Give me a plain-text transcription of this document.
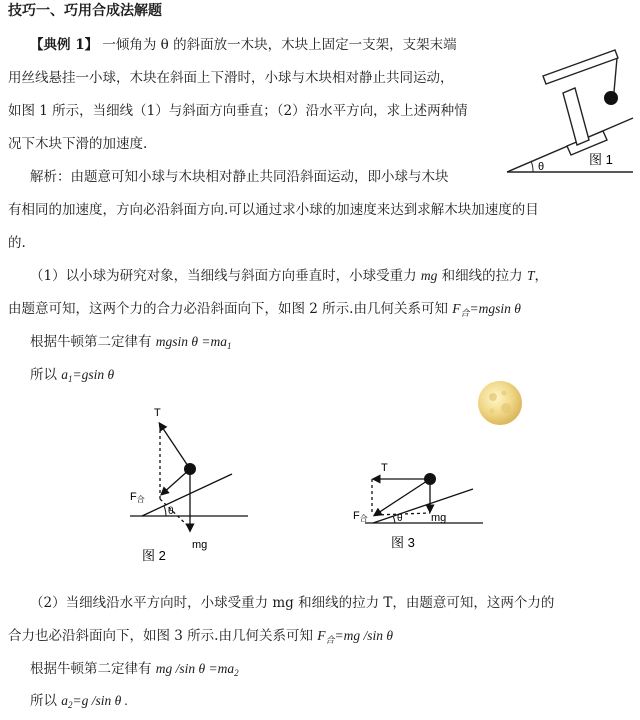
技巧一、巧用合成法解题
【典例 1】 一倾角为 θ 的斜面放一木块，木块上固定一支架，支架末端
用丝线悬挂一小球，木块在斜面上下滑时，小球与木块相对静止共同运动，
如图 1 所示，当细线（1）与斜面方向垂直；（2）沿水平方向，求上述两种情
况下木块下滑的加速度.
θ	图 1
解析：由题意可知小球与木块相对静止共同沿斜面运动，即小球与木块
有相同的加速度，方向必沿斜面方向.可以通过求小球的加速度来达到求解木块加速度的目
的.
（1）以小球为研究对象，当细线与斜面方向垂直时，小球受重力 mg 和细线的拉力 T，
由题意可知，这两个力的合力必沿斜面向下，如图 2 所示.由几何关系可知 $F_合=mgsin$ θ
根据牛顿第二定律有 mgsin $\theta =ma_1$
所以 $a_1=gsin$ θ
T
F合
θ
mg
图 2
T
F合	θ	mg
图 3
（2）当细线沿水平方向时，小球受重力 mg 和细线的拉力 T，由题意可知，这两个力的
合力也必沿斜面向下，如图 3 所示.由几何关系可知 $F_合=mg$ /sin θ
根据牛顿第二定律有 mg /sin $\theta =ma_2$
所以 $a_2=g$ /sin θ .
